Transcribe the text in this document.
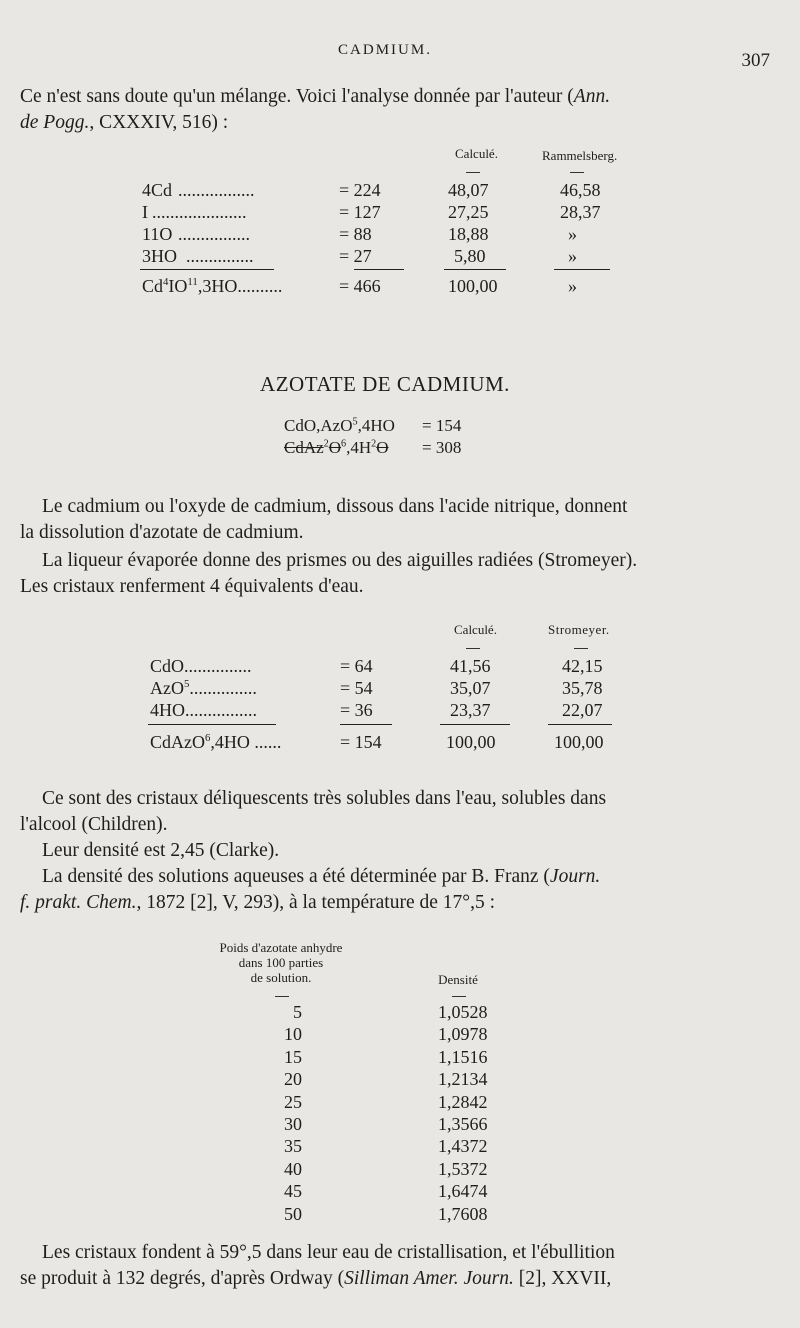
CADMIUM.	307
Ce n'est sans doute qu'un mélange. Voici l'analyse donnée par l'auteur (Ann.
de Pogg., CXXXIV, 516) :
Calculé.	Rammelsberg.
4Cd .................	= 224	48,07	46,58
I .....................	= 127	27,25	28,37
11O ................	= 88	18,88	»
3HO ...............	= 27	5,80	»
$Cd^4IO^{11},3HO$..........	= 466	100,00	»
AZOTATE DE CADMIUM.
CdO,AzO$^5$,4HO = 154
$CdAz^2O^6,4H^2O = 308$
Le cadmium ou l'oxyde de cadmium, dissous dans l'acide nitrique, donnent
la dissolution d'azotate de cadmium.
La liqueur évaporée donne des prismes ou des aiguilles radiées (Stromeyer).
Les cristaux renferment 4 équivalents d'eau.
Calculé.	Stromeyer.
CdO...............	= 64	41,56	42,15
AzO$^5$...............	= 54	35,07	35,78
4HO................	= 36	23,37	22,07
CdAzO$^6$,4HO ......	= 154	100,00	100,00
Ce sont des cristaux déliquescents très solubles dans l'eau, solubles dans
l'alcool (Children).
Leur densité est 2,45 (Clarke).
La densité des solutions aqueuses a été déterminée par B. Franz (Journ.
f. prakt. Chem., 1872 [2], V, 293), à la température de 17°,5 :
Poids d'azotate anhydre
dans 100 parties
de solution.	Densité
5	1,0528
10	1,0978
15	1,1516
20	1,2134
25	1,2842
30	1,3566
35	1,4372
40	1,5372
45	1,6474
50	1,7608
Les cristaux fondent à 59°,5 dans leur eau de cristallisation, et l'ébullition
se produit à 132 degrés, d'après Ordway (Silliman Amer. Journ. [2], XXVII,
